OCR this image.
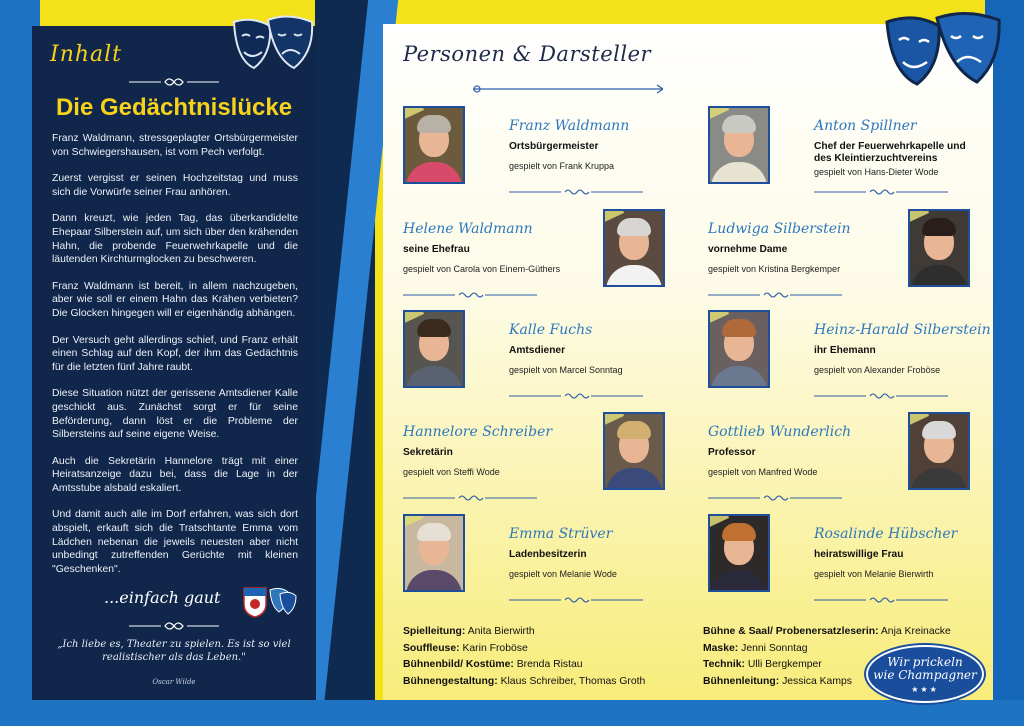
Inhalt
Die Gedächtnislücke

Franz Waldmann, stressgeplagter Ortsbürgermeister von Schwiegershausen, ist vom Pech verfolgt.

Zuerst vergisst er seinen Hochzeitstag und muss sich die Vorwürfe seiner Frau anhören.

Dann kreuzt, wie jeden Tag, das überkandidelte Ehepaar Silberstein auf, um sich über den krähenden Hahn, die probende Feuerwehrkapelle und die läutenden Kirchturmglocken zu beschweren.

Franz Waldmann ist bereit, in allem nachzugeben, aber wie soll er einem Hahn das Krähen verbieten? Die Glocken hingegen will er eigenhändig abhängen.

Der Versuch geht allerdings schief, und Franz erhält einen Schlag auf den Kopf, der ihm das Gedächtnis für die letzten fünf Jahre raubt.

Diese Situation nützt der gerissene Amtsdiener Kalle geschickt aus. Zunächst sorgt er für seine Beförderung, dann löst er die Probleme der Silbersteins auf seine eigene Weise.

Auch die Sekretärin Hannelore trägt mit einer Heiratsanzeige dazu bei, dass die Lage in der Amtsstube alsbald eskaliert.

Und damit auch alle im Dorf erfahren, was sich dort abspielt, erkauft sich die Tratschtante Emma vom Lädchen nebenan die jeweils neuesten aber nicht unbedingt zutreffenden Gerüchte mit kleinen "Geschenken".

...einfach gaut
„Ich liebe es, Theater zu spielen. Es ist so viel realistischer als das Leben."
Oscar Wilde
Personen & Darsteller
Franz Waldmann
Ortsbürgermeister
gespielt von Frank Kruppa
Anton Spillner
Chef der Feuerwehrkapelle und des Kleintierzuchtvereins
gespielt von Hans-Dieter Wode
Helene Waldmann
seine Ehefrau
gespielt von Carola von Einem-Güthers
Ludwiga Silberstein
vornehme Dame
gespielt von Kristina Bergkemper
Kalle Fuchs
Amtsdiener
gespielt von Marcel Sonntag
Heinz-Harald Silberstein
ihr Ehemann
gespielt von Alexander Froböse
Hannelore Schreiber
Sekretärin
gespielt von Steffi Wode
Gottlieb Wunderlich
Professor
gespielt von Manfred Wode
Emma Strüver
Ladenbesitzerin
gespielt von Melanie Wode
Rosalinde Hübscher
heiratswillige Frau
gespielt von Melanie Bierwirth
Spielleitung: Anita Bierwirth
Souffleuse: Karin Froböse
Bühnenbild/ Kostüme: Brenda Ristau
Bühnengestaltung: Klaus Schreiber, Thomas Groth
Bühne & Saal/ Probenersatzleserin: Anja Kreinacke
Maske: Jenni Sonntag
Technik: Ulli Bergkemper
Bühnenleitung: Jessica Kamps
Wir prickeln
wie Champagner
★★★
